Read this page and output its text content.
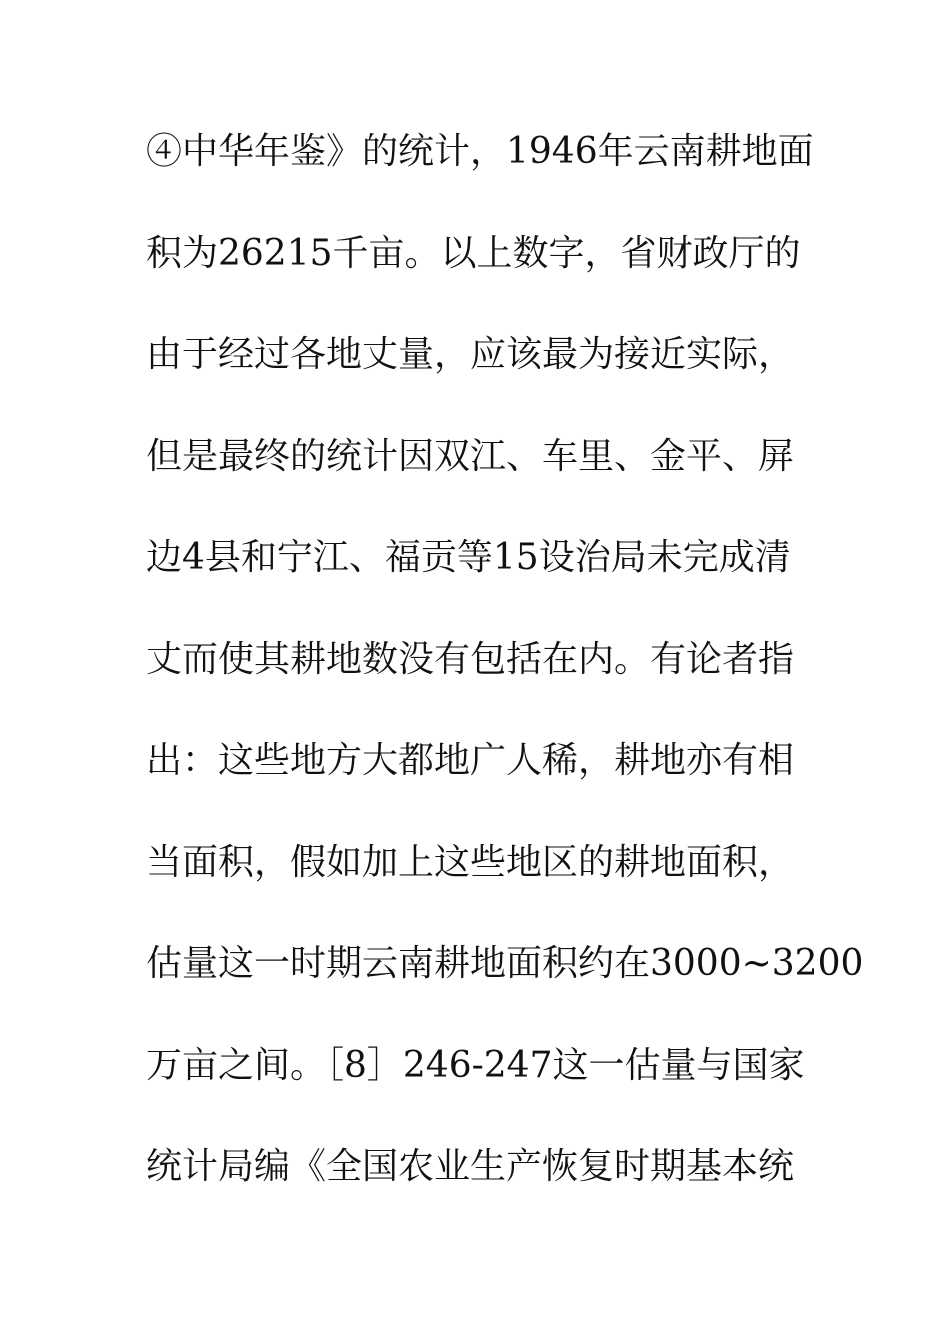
④中华年鉴》的统计，1946年云南耕地面
积为26215千亩。以上数字，省财政厅的
由于经过各地丈量，应该最为接近实际，
但是最终的统计因双江、车里、金平、屏
边4县和宁江、福贡等15设治局未完成清
丈而使其耕地数没有包括在内。有论者指
出：这些地方大都地广人稀，耕地亦有相
当面积，假如加上这些地区的耕地面积，
估量这一时期云南耕地面积约在3000~3200
万亩之间。［8］246-247这一估量与国家
统计局编《全国农业生产恢复时期基本统
